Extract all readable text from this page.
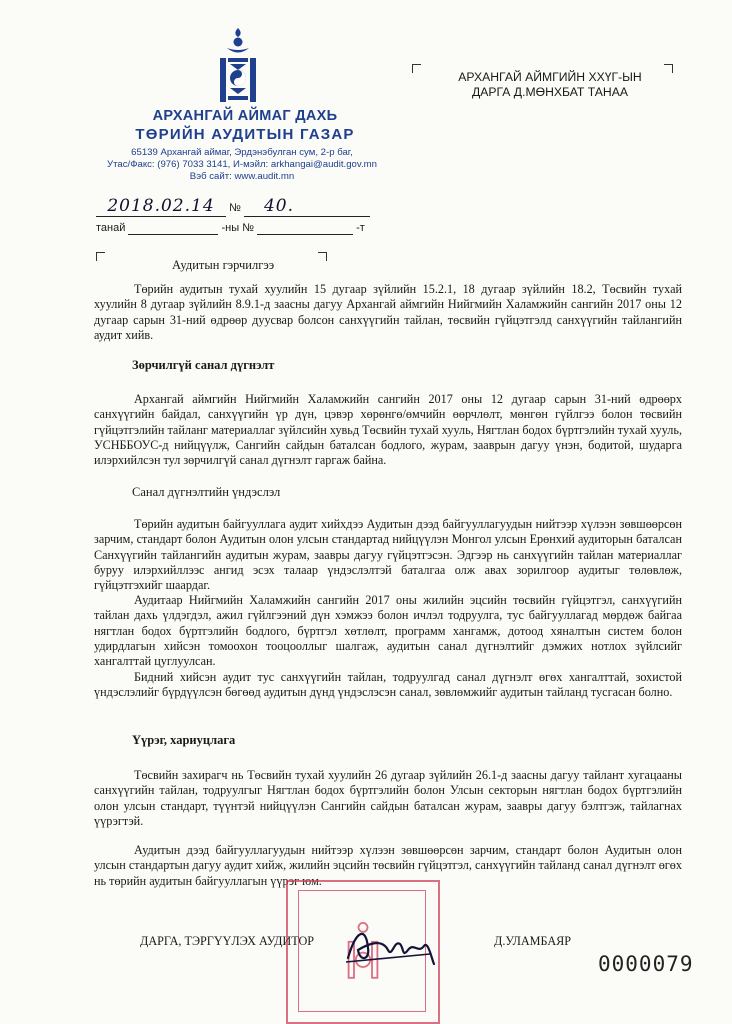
АРХАНГАЙ АЙМАГ ДАХЬ
ТӨРИЙН АУДИТЫН ГАЗАР
65139 Архангай аймаг, Эрдэнэбулган сум, 2-р баг,
Утас/Факс: (976) 7033 3141, И-мэйл: arkhangai@audit.gov.mn
Вэб сайт: www.audit.mn
АРХАНГАЙ АЙМГИЙН ХХҮГ-ЫН
ДАРГА Д.МӨНХБАТ ТАНАА
2018.02.14 № 40.
танай	-ны №	-т
Аудитын гэрчилгээ

Төрийн аудитын тухай хуулийн 15 дугаар зүйлийн 15.2.1, 18 дугаар зүйлийн 18.2, Төсвийн тухай хуулийн 8 дугаар зүйлийн 8.9.1-д заасны дагуу Архангай аймгийн Нийгмийн Халамжийн сангийн 2017 оны 12 дугаар сарын 31-ний өдрөөр дуусвар болсон санхүүгийн тайлан, төсвийн гүйцэтгэлд санхүүгийн тайлангийн аудит хийв.

Зөрчилгүй санал дүгнэлт

Архангай аймгийн Нийгмийн Халамжийн сангийн 2017 оны 12 дугаар сарын 31-ний өдрөөрх санхүүгийн байдал, санхүүгийн үр дүн, цэвэр хөрөнгө/өмчийн өөрчлөлт, мөнгөн гүйлгээ болон төсвийн гүйцэтгэлийн тайланг материаллаг зүйлсийн хувьд Төсвийн тухай хууль, Нягтлан бодох бүртгэлийн тухай хууль, УСНББОУС-д нийцүүлж, Сангийн сайдын баталсан бодлого, журам, зааврын дагуу үнэн, бодитой, шударга илэрхийлсэн тул зөрчилгүй санал дүгнэлт гаргаж байна.

Санал дүгнэлтийн үндэслэл

Төрийн аудитын байгууллага аудит хийхдээ Аудитын дээд байгууллагуудын нийтээр хүлээн зөвшөөрсөн зарчим, стандарт болон Аудитын олон улсын стандартад нийцүүлэн Монгол улсын Ерөнхий аудиторын баталсан Санхүүгийн тайлангийн аудитын журам, заавры дагуу гүйцэтгэсэн. Эдгээр нь санхүүгийн тайлан материаллаг буруу илэрхийллээс ангид эсэх талаар үндэслэлтэй баталгаа олж авах зорилгоор аудитыг төлөвлөж, гүйцэтгэхийг шаардаг.

Аудитаар Нийгмийн Халамжийн сангийн 2017 оны жилийн эцсийн төсвийн гүйцэтгэл, санхүүгийн тайлан дахь үлдэгдэл, ажил гүйлгээний дүн хэмжээ болон ичлэл тодруулга, тус байгууллагад мөрдөж байгаа нягтлан бодох бүртгэлийн бодлого, бүртгэл хөтлөлт, программ хангамж, дотоод хяналтын систем болон удирдлагын хийсэн томоохон тооцооллыг шалгаж, аудитын санал дүгнэлтийг дэмжих нотлох зүйлсийг хангалттай цуглуулсан.

Бидний хийсэн аудит тус санхүүгийн тайлан, тодруулгад санал дүгнэлт өгөх хангалттай, зохистой үндэслэлийг бүрдүүлсэн бөгөөд аудитын дүнд үндэслэсэн санал, зөвлөмжийг аудитын тайланд тусгасан болно.

Үүрэг, хариуцлага

Төсвийн захирагч нь Төсвийн тухай хуулийн 26 дугаар зүйлийн 26.1-д заасны дагуу тайлант хугацааны санхүүгийн тайлан, тодруулгыг Нягтлан бодох бүртгэлийн болон Улсын секторын нягтлан бодох бүртгэлийн олон улсын стандарт, түүнтэй нийцүүлэн Сангийн сайдын баталсан журам, заавры дагуу бэлтгэж, тайлагнах үүрэгтэй.

Аудитын дээд байгууллагуудын нийтээр хүлээн зөвшөөрсөн зарчим, стандарт болон Аудитын олон улсын стандартын дагуу аудит хийж, жилийн эцсийн төсвийн гүйцэтгэл, санхүүгийн тайланд санал дүгнэлт өгөх нь төрийн аудитын байгууллагын үүрэг юм.

ДАРГА, ТЭРГҮҮЛЭХ АУДИТОР	Д.УЛАМБАЯР
0000079
